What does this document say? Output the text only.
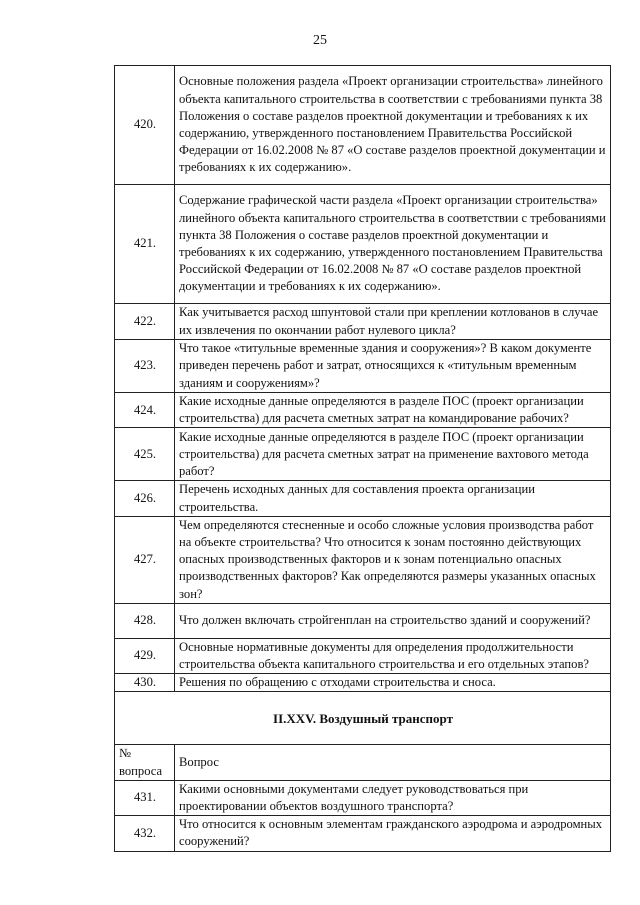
25
420.	Основные положения раздела «Проект организации строительства» линейного объекта капитального строительства в соответствии с требованиями пункта 38 Положения о составе разделов проектной документации и требованиях к их содержанию, утвержденного постановлением Правительства Российской Федерации от 16.02.2008 № 87 «О составе разделов проектной документации и требованиях к их содержанию».
421.	Содержание графической части раздела «Проект организации строительства» линейного объекта капитального строительства в соответствии с требованиями пункта 38 Положения о составе разделов проектной документации и требованиях к их содержанию, утвержденного постановлением Правительства Российской Федерации от 16.02.2008 № 87 «О составе разделов проектной документации и требованиях к их содержанию».
422.	Как учитывается расход шпунтовой стали при креплении котлованов в случае их извлечения по окончании работ нулевого цикла?
423.	Что такое «титульные временные здания и сооружения»? В каком документе приведен перечень работ и затрат, относящихся к «титульным временным зданиям и сооружениям»?
424.	Какие исходные данные определяются в разделе ПОС (проект организации строительства) для расчета сметных затрат на командирование рабочих?
425.	Какие исходные данные определяются в разделе ПОС (проект организации строительства) для расчета сметных затрат на применение вахтового метода работ?
426.	Перечень исходных данных для составления проекта организации строительства.
427.	Чем определяются стесненные и особо сложные условия производства работ на объекте строительства? Что относится к зонам постоянно действующих опасных производственных факторов и к зонам потенциально опасных производственных факторов? Как определяются размеры указанных опасных зон?
428.	Что должен включать стройгенплан на строительство зданий и сооружений?
429.	Основные нормативные документы для определения продолжительности строительства объекта капитального строительства и его отдельных этапов?
430.	Решения по обращению с отходами строительства и сноса.
II.XXV. Воздушный транспорт	
№ вопроса	Вопрос
431.	Какими основными документами следует руководствоваться при проектировании объектов воздушного транспорта?
432.	Что относится к основным элементам гражданского аэродрома и аэродромных сооружений?
